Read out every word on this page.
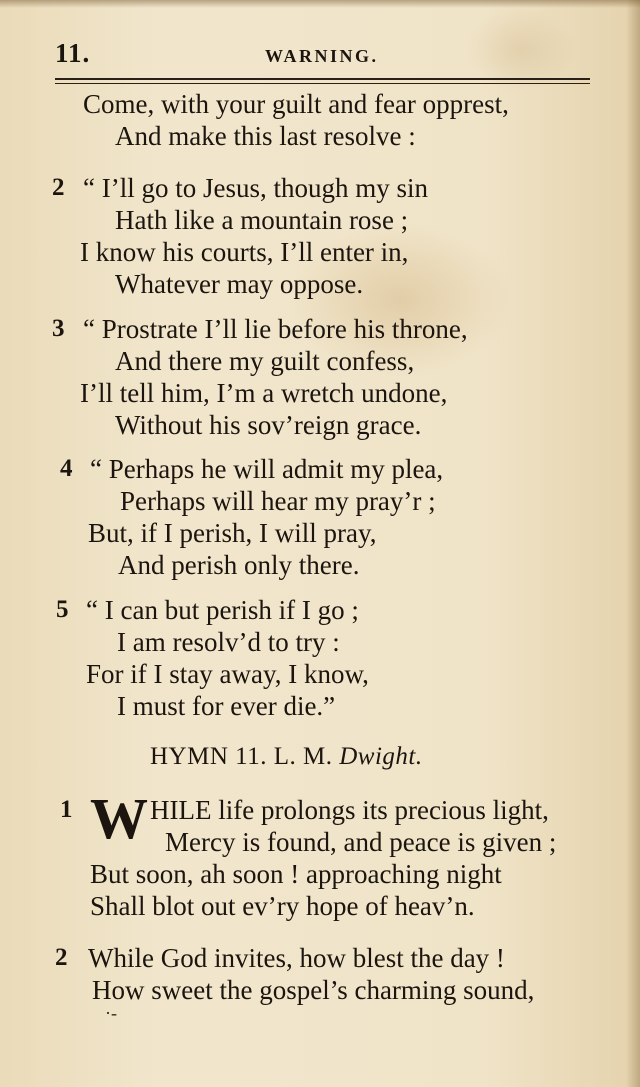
11.	WARNING.
Come, with your guilt and fear opprest,
And make this last resolve :
2 “ I’ll go to Jesus, though my sin
Hath like a mountain rose ;
I know his courts, I’ll enter in,
Whatever may oppose.
3 “ Prostrate I’ll lie before his throne,
And there my guilt confess,
I’ll tell him, I’m a wretch undone,
Without his sov’reign grace.
4 “ Perhaps he will admit my plea,
Perhaps will hear my pray’r ;
But, if I perish, I will pray,
And perish only there.
5 “ I can but perish if I go ;
I am resolv’d to try :
For if I stay away, I know,
I must for ever die.”
HYMN 11. L. M. Dwight.
1 W HILE life prolongs its precious light,
Mercy is found, and peace is given ;
But soon, ah soon ! approaching night
Shall blot out ev’ry hope of heav’n.
2 While God invites, how blest the day !
How sweet the gospel’s charming sound,
·-
